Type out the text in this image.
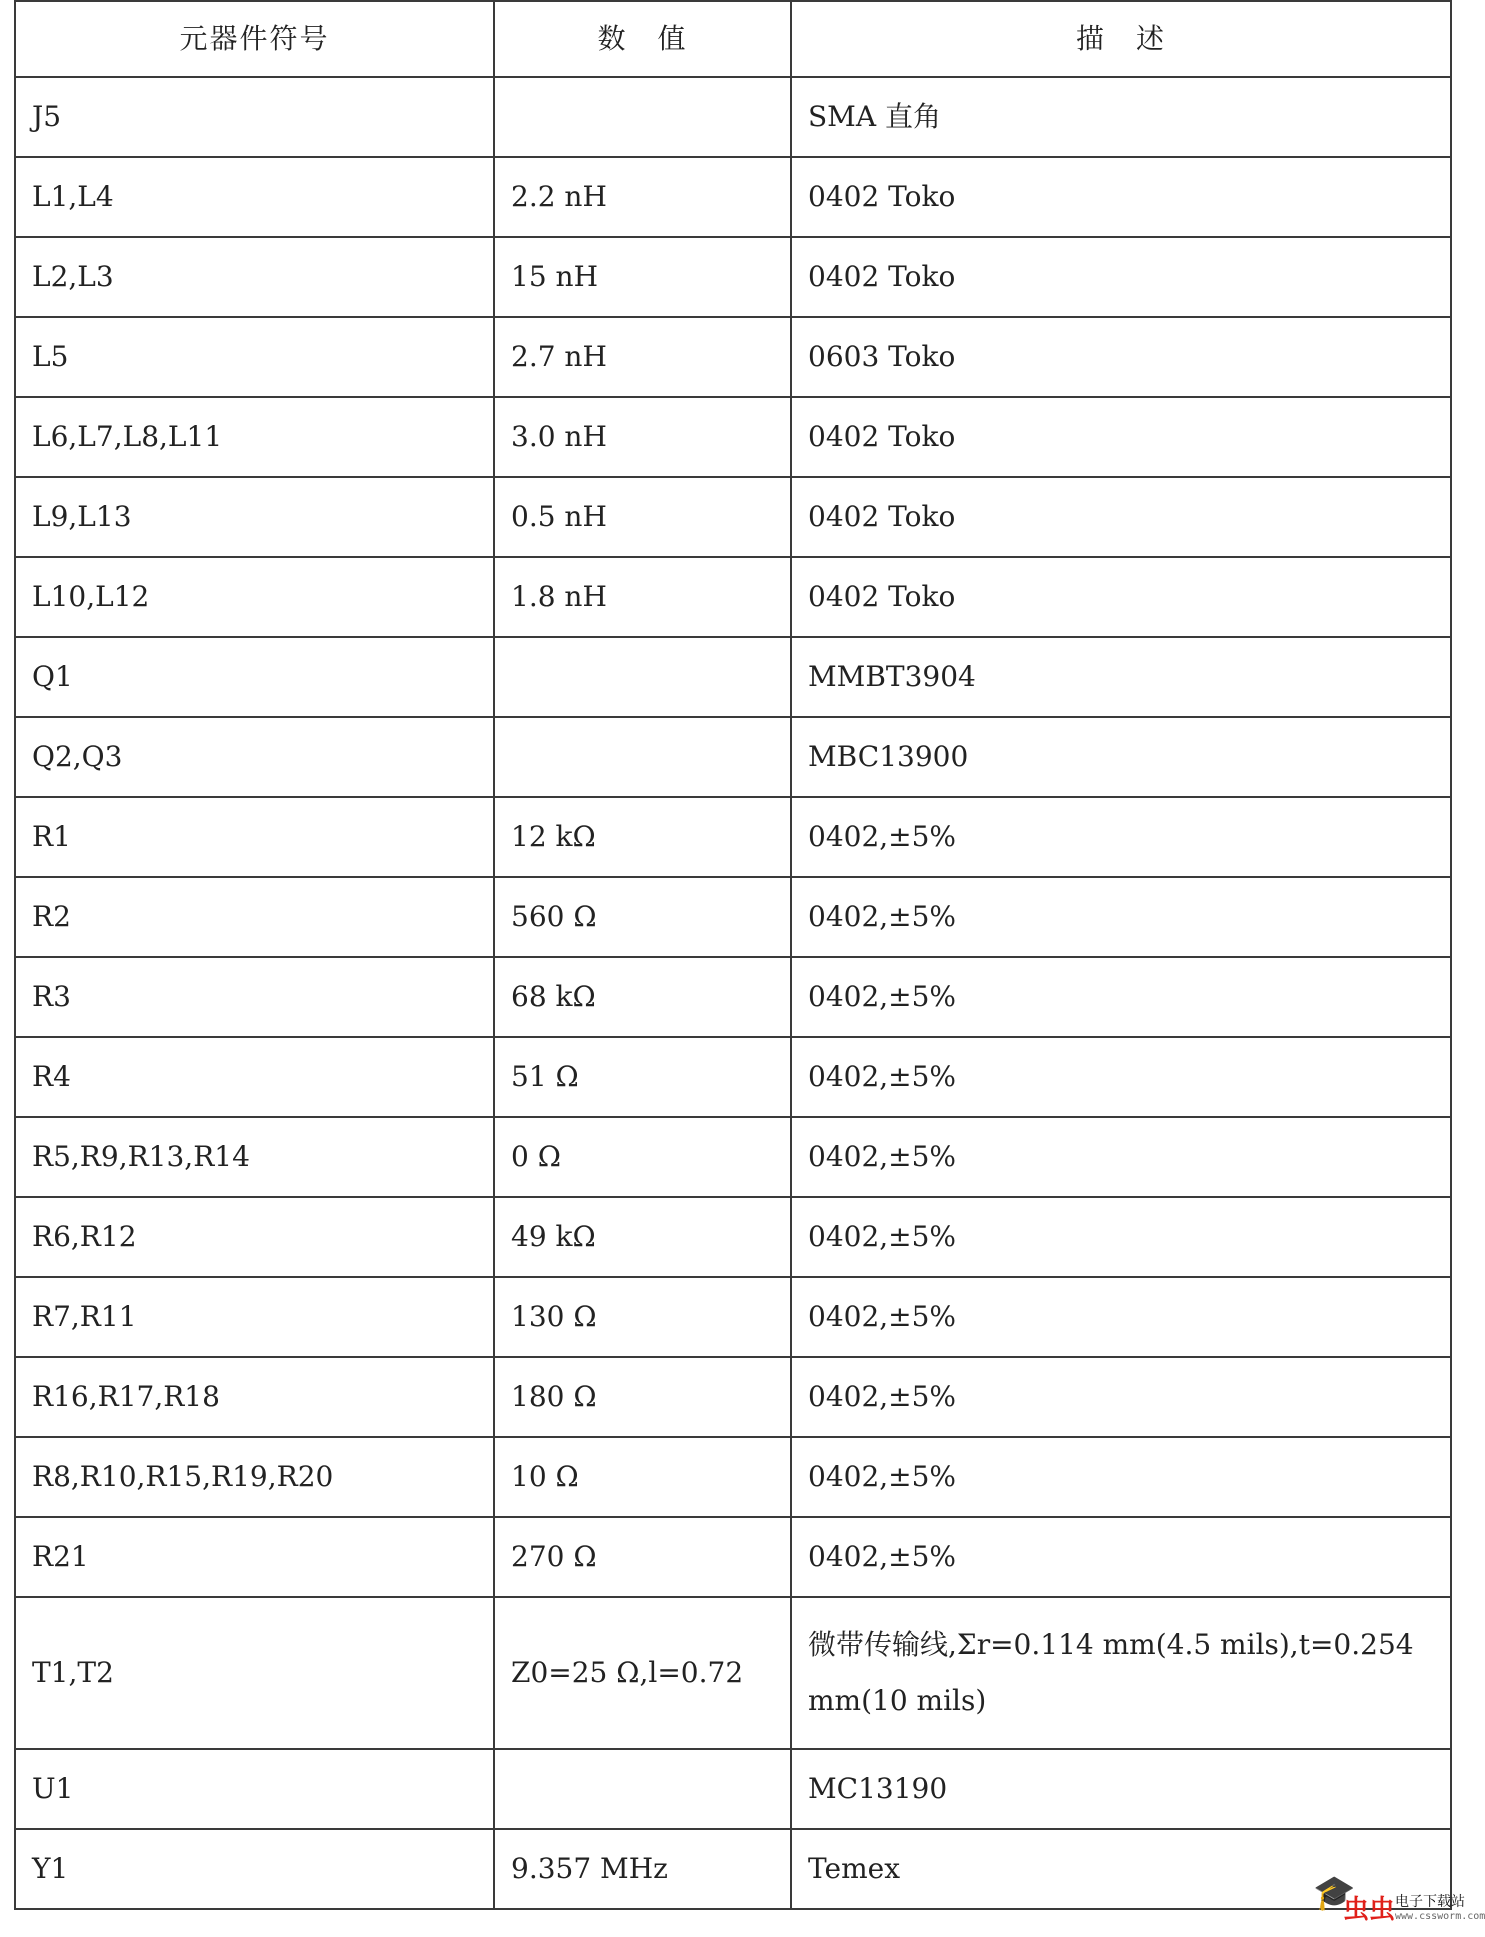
元器件符号	数　值	描　述
J5		SMA 直角
L1,L4	2.2 nH	0402 Toko
L2,L3	15 nH	0402 Toko
L5	2.7 nH	0603 Toko
L6,L7,L8,L11	3.0 nH	0402 Toko
L9,L13	0.5 nH	0402 Toko
L10,L12	1.8 nH	0402 Toko
Q1		MMBT3904
Q2,Q3		MBC13900
R1	12 kΩ	0402,±5%
R2	560 Ω	0402,±5%
R3	68 kΩ	0402,±5%
R4	51 Ω	0402,±5%
R5,R9,R13,R14	0 Ω	0402,±5%
R6,R12	49 kΩ	0402,±5%
R7,R11	130 Ω	0402,±5%
R16,R17,R18	180 Ω	0402,±5%
R8,R10,R15,R19,R20	10 Ω	0402,±5%
R21	270 Ω	0402,±5%
T1,T2	Z0=25 Ω,l=0.72	微带传输线,Σr=0.114 mm(4.5 mils),t=0.254 mm(10 mils)
U1		MC13190
Y1	9.357 MHz	Temex
🎓
虫虫 电子下载站
www.cssworm.com
